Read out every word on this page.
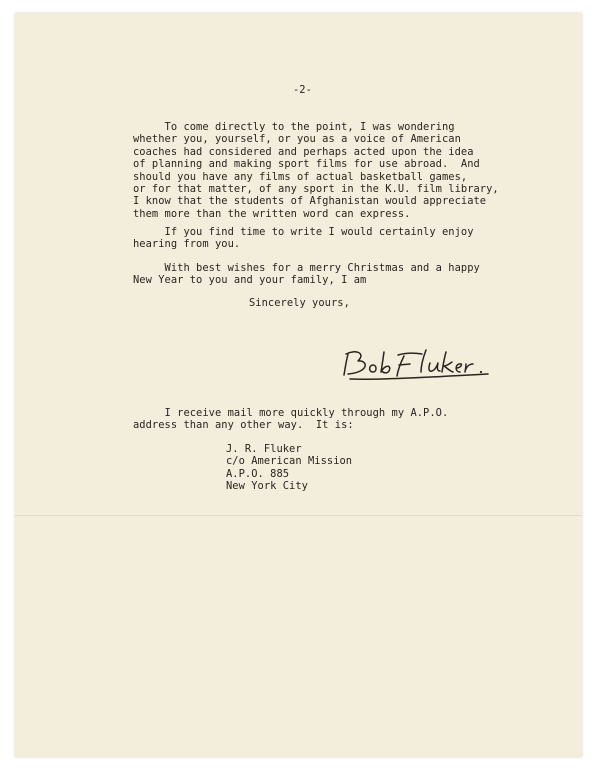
-2-

To come directly to the point, I was wondering

whether you, yourself, or you as a voice of American

coaches had considered and perhaps acted upon the idea

of planning and making sport films for use abroad.  And

should you have any films of actual basketball games,

or for that matter, of any sport in the K.U. film library,

I know that the students of Afghanistan would appreciate

them more than the written word can express.

If you find time to write I would certainly enjoy

hearing from you.

With best wishes for a merry Christmas and a happy

New Year to you and your family, I am

Sincerely yours,

I receive mail more quickly through my A.P.O.

address than any other way.  It is:

J. R. Fluker

c/o American Mission

A.P.O. 885

New York City
